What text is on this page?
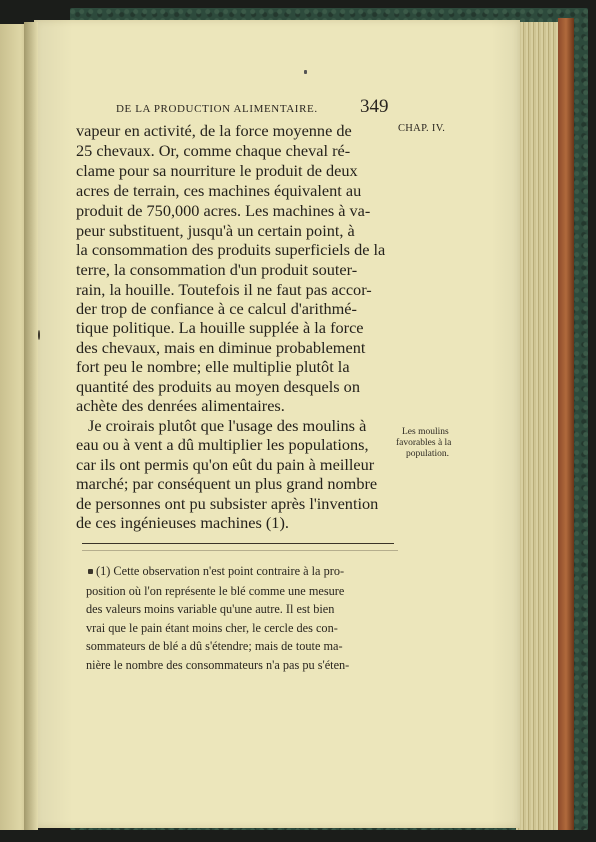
DE LA PRODUCTION ALIMENTAIRE. 349
CHAP. IV.
Les moulins
favorables à la
population.
vapeur en activité, de la force moyenne de
25 chevaux. Or, comme chaque cheval ré-
clame pour sa nourriture le produit de deux
acres de terrain, ces machines équivalent au
produit de 750,000 acres. Les machines à va-
peur substituent, jusqu'à un certain point, à
la consommation des produits superficiels de la
terre, la consommation d'un produit souter-
rain, la houille. Toutefois il ne faut pas accor-
der trop de confiance à ce calcul d'arithmé-
tique politique. La houille supplée à la force
des chevaux, mais en diminue probablement
fort peu le nombre; elle multiplie plutôt la
quantité des produits au moyen desquels on
achète des denrées alimentaires.
Je croirais plutôt que l'usage des moulins à
eau ou à vent a dû multiplier les populations,
car ils ont permis qu'on eût du pain à meilleur
marché; par conséquent un plus grand nombre
de personnes ont pu subsister après l'invention
de ces ingénieuses machines (1).
(1) Cette observation n'est point contraire à la pro-
position où l'on représente le blé comme une mesure
des valeurs moins variable qu'une autre. Il est bien
vrai que le pain étant moins cher, le cercle des con-
sommateurs de blé a dû s'étendre; mais de toute ma-
nière le nombre des consommateurs n'a pas pu s'éten-
